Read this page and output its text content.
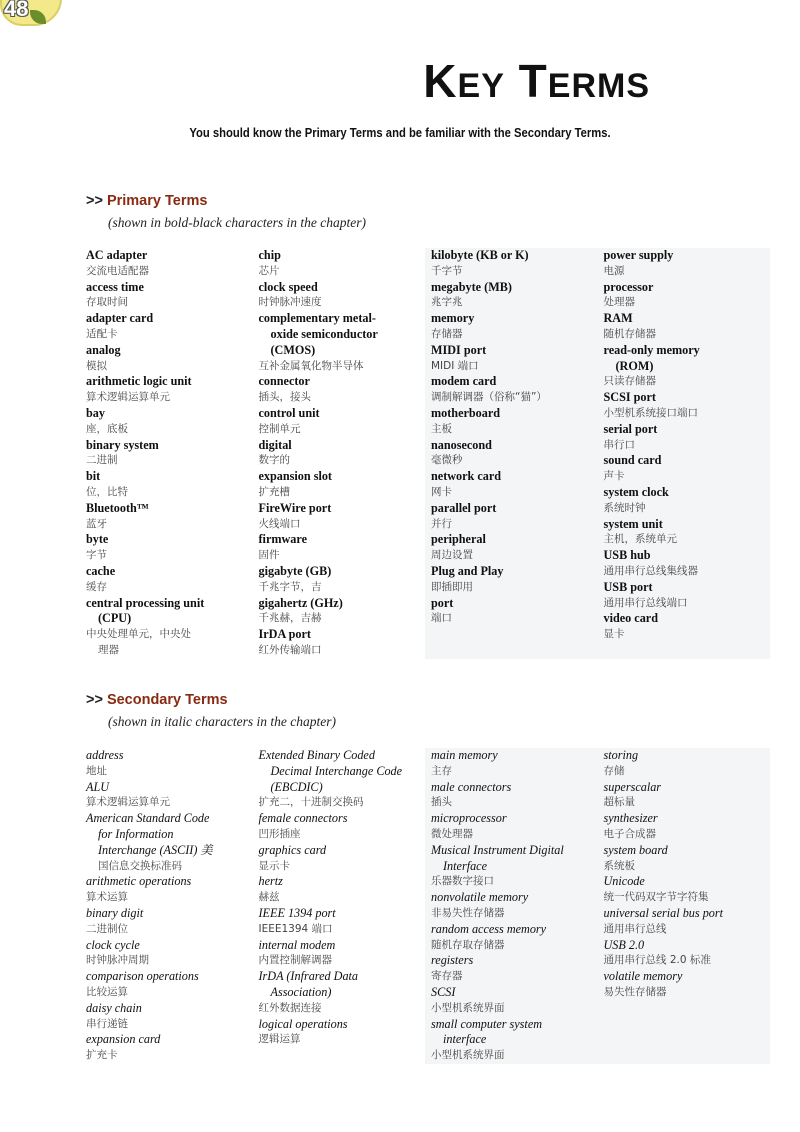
48
KEY TERMS
You should know the Primary Terms and be familiar with the Secondary Terms.
>> Primary Terms
(shown in bold-black characters in the chapter)
AC adapter
交流电适配器
access time
存取时间
adapter card
适配卡
analog
模拟
arithmetic logic unit
算术逻辑运算单元
bay
座，底板
binary system
二进制
bit
位，比特
Bluetooth™
蓝牙
byte
字节
cache
缓存
central processing unit
(CPU)
中央处理单元，中央处
理器
chip
芯片
clock speed
时钟脉冲速度
complementary metal-
oxide semiconductor
(CMOS)
互补金属氧化物半导体
connector
插头，接头
control unit
控制单元
digital
数字的
expansion slot
扩充槽
FireWire port
火线端口
firmware
固件
gigabyte (GB)
千兆字节，吉
gigahertz (GHz)
千兆赫，吉赫
IrDA port
红外传输端口
kilobyte (KB or K)
千字节
megabyte (MB)
兆字兆
memory
存储器
MIDI port
MIDI 端口
modem card
调制解调器（俗称“猫”）
motherboard
主板
nanosecond
毫微秒
network card
网卡
parallel port
并行
peripheral
周边设置
Plug and Play
即插即用
port
端口
power supply
电源
processor
处理器
RAM
随机存储器
read-only memory
(ROM)
只读存储器
SCSI port
小型机系统接口端口
serial port
串行口
sound card
声卡
system clock
系统时钟
system unit
主机，系统单元
USB hub
通用串行总线集线器
USB port
通用串行总线端口
video card
显卡
>> Secondary Terms
(shown in italic characters in the chapter)
address
地址
ALU
算术逻辑运算单元
American Standard Code
for Information
Interchange (ASCII) 美
国信息交换标准码
arithmetic operations
算术运算
binary digit
二进制位
clock cycle
时钟脉冲周期
comparison operations
比较运算
daisy chain
串行递链
expansion card
扩充卡
Extended Binary Coded
Decimal Interchange Code
(EBCDIC)
扩充二，十进制交换码
female connectors
凹形插座
graphics card
显示卡
hertz
赫兹
IEEE 1394 port
IEEE1394 端口
internal modem
内置控制解调器
IrDA (Infrared Data
Association)
红外数据连接
logical operations
逻辑运算
main memory
主存
male connectors
插头
microprocessor
微处理器
Musical Instrument Digital
Interface
乐器数字接口
nonvolatile memory
非易失性存储器
random access memory
随机存取存储器
registers
寄存器
SCSI
小型机系统界面
small computer system
interface
小型机系统界面
storing
存储
superscalar
超标量
synthesizer
电子合成器
system board
系统板
Unicode
统一代码双字节字符集
universal serial bus port
通用串行总线
USB 2.0
通用串行总线 2.0 标准
volatile memory
易失性存储器
